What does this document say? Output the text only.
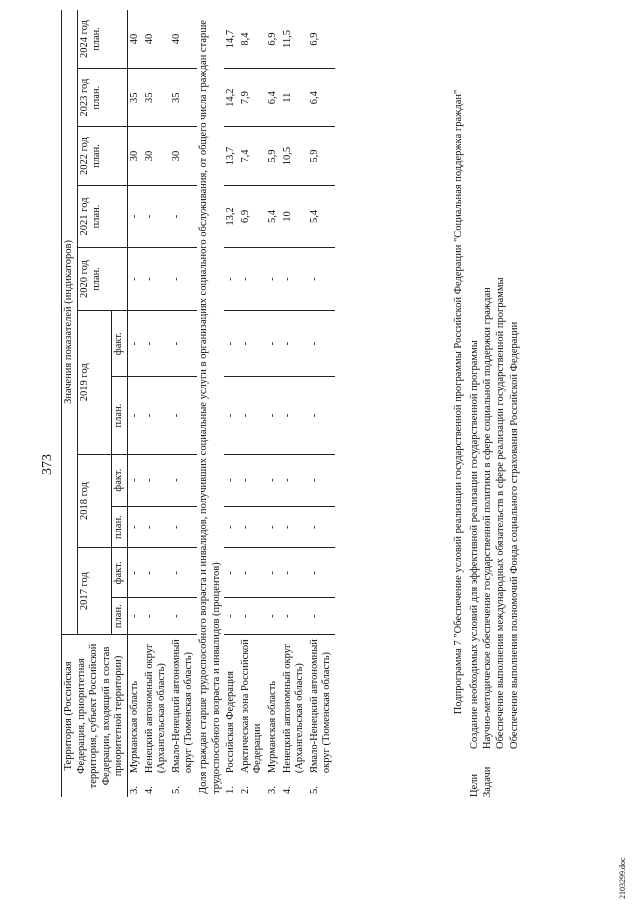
373
Территория (Российская Федерация, приоритетная территория, субъект Российской Федерации, входящий в состав приоритетной территории)		Значения показателей (индикаторов)										
		2017 год		2018 год		2019 год		2020 год план.	2021 год план.	2022 год план.	2023 год план.	2024 год план.
		план.	факт.	план.	факт.	план.	факт.					
3.	Мурманская область	-	-	-	-	-	-	-	-	30	35	40
4.	Ненецкий автономный округ (Архангельская область)	-	-	-	-	-	-	-	-	30	35	40
5.	Ямало-Ненецкий автономный округ (Тюменская область)	-	-	-	-	-	-	-	-	30	35	40
Доля граждан старше трудоспособного возраста и инвалидов, получивших социальные услуги в организациях социального обслуживания, от общего числа граждан старше трудоспособного возраста и инвалидов (процентов)												
1.	Российская Федерация	-	-	-	-	-	-	-	13,2	13,7	14,2	14,7
2.	Арктическая зона Российской Федерации	-	-	-	-	-	-	-	6,9	7,4	7,9	8,4
3.	Мурманская область	-	-	-	-	-	-	-	5,4	5,9	6,4	6,9
4.	Ненецкий автономный округ (Архангельская область)	-	-	-	-	-	-	-	10	10,5	11	11,5
5.	Ямало-Ненецкий автономный округ (Тюменская область)	-	-	-	-	-	-	-	5,4	5,9	6,4	6,9
Подпрограмма 7 "Обеспечение условий реализации государственной программы Российской Федерации "Социальная поддержка граждан"
Цели
Создание необходимых условий для эффективной реализации государственной программы
Задачи
Научно-методическое обеспечение государственной политики в сфере социальной поддержки граждан Обеспечение выполнения международных обязательств в сфере реализации государственной программы Обеспечение выполнения полномочий Фонда социального страхования Российской Федерации
2103299.doc
